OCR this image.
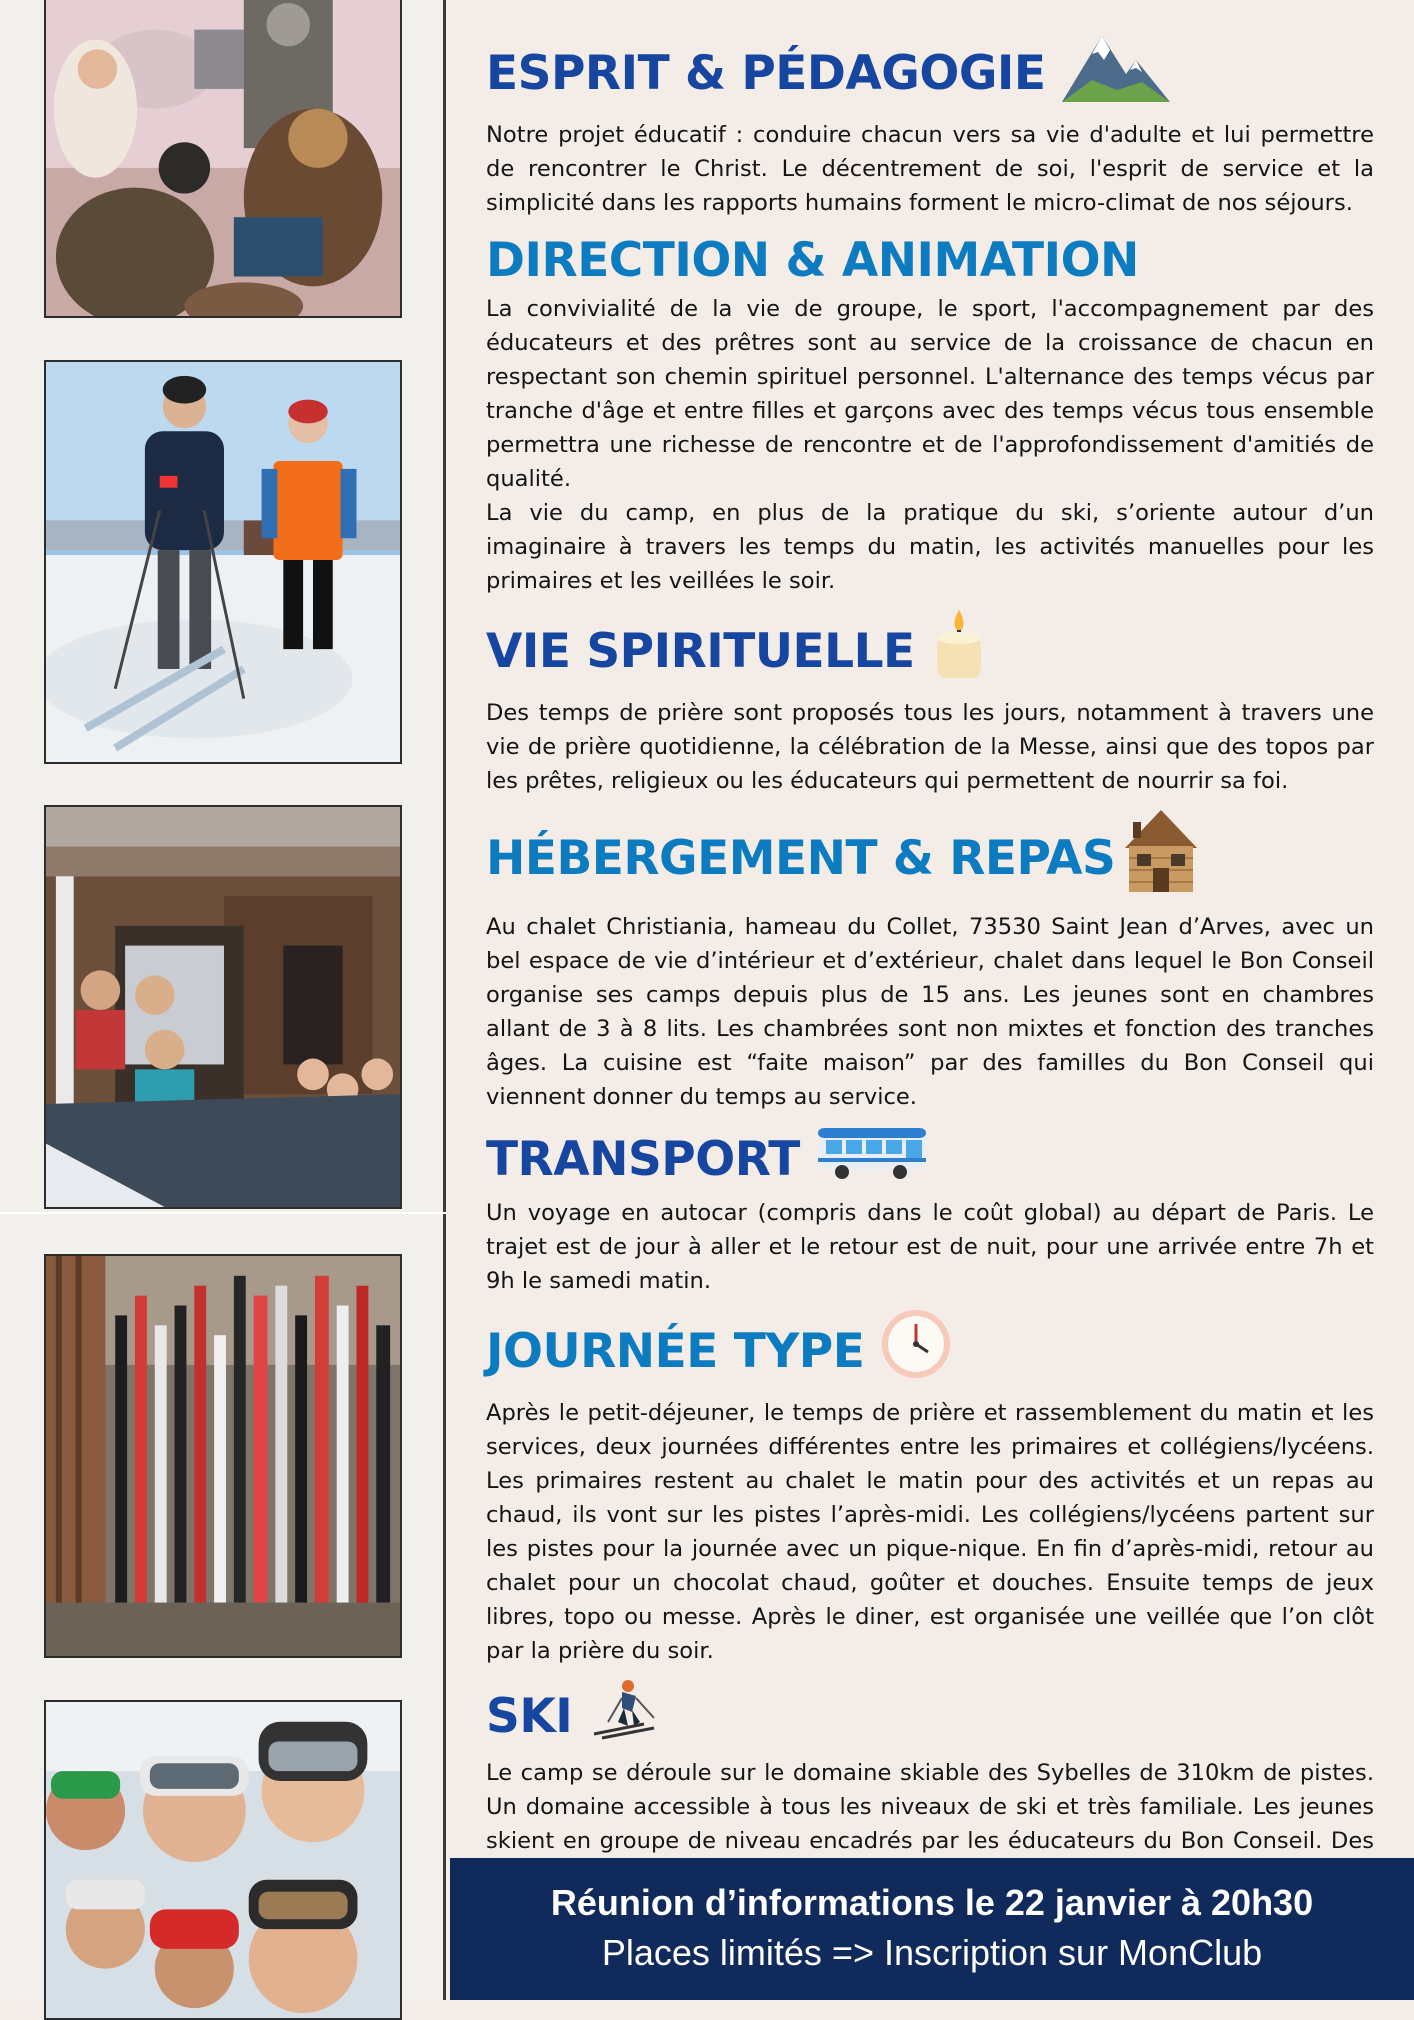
ESPRIT & PÉDAGOGIE

Notre projet éducatif : conduire chacun vers sa vie d'adulte et lui permettre de rencontrer le Christ. Le décentrement de soi, l'esprit de service et la simplicité dans les rapports humains forment le micro-climat de nos séjours.

DIRECTION & ANIMATION

La convivialité de la vie de groupe, le sport, l'accompagnement par des éducateurs et des prêtres sont au service de la croissance de chacun en respectant son chemin spirituel personnel. L'alternance des temps vécus par tranche d'âge et entre filles et garçons avec des temps vécus tous ensemble permettra une richesse de rencontre et de l'approfondissement d'amitiés de qualité.

La vie du camp, en plus de la pratique du ski, s’oriente autour d’un imaginaire à travers les temps du matin, les activités manuelles pour les primaires et les veillées le soir.

VIE SPIRITUELLE

Des temps de prière sont proposés tous les jours, notamment à travers une vie de prière quotidienne, la célébration de la Messe, ainsi que des topos par les prêtes, religieux ou les éducateurs qui permettent de nourrir sa foi.

HÉBERGEMENT & REPAS

Au chalet Christiania, hameau du Collet, 73530 Saint Jean d’Arves, avec un bel espace de vie d’intérieur et d’extérieur, chalet dans lequel le Bon Conseil organise ses camps depuis plus de 15 ans. Les jeunes sont en chambres allant de 3 à 8 lits. Les chambrées sont non mixtes et fonction des tranches âges. La cuisine est “faite maison” par des familles du Bon Conseil qui viennent donner du temps au service.

TRANSPORT

Un voyage en autocar (compris dans le coût global) au départ de Paris. Le trajet est de jour à aller et le retour est de nuit, pour une arrivée entre 7h et 9h le samedi matin.

JOURNÉE TYPE

Après le petit-déjeuner, le temps de prière et rassemblement du matin et les services, deux journées différentes entre les primaires et collégiens/lycéens. Les primaires restent au chalet le matin pour des activités et un repas au chaud, ils vont sur les pistes l’après-midi. Les collégiens/lycéens partent sur les pistes pour la journée avec un pique-nique. En fin d’après-midi, retour au chalet pour un chocolat chaud, goûter et douches. Ensuite temps de jeux libres, topo ou messe. Après le diner, est organisée une veillée que l’on clôt par la prière du soir.

SKI

Le camp se déroule sur le domaine skiable des Sybelles de 310km de pistes. Un domaine accessible à tous les niveaux de ski et très familiale. Les jeunes skient en groupe de niveau encadrés par les éducateurs du Bon Conseil. Des

Réunion d’informations le 22 janvier à 20h30
Places limités => Inscription sur MonClub
